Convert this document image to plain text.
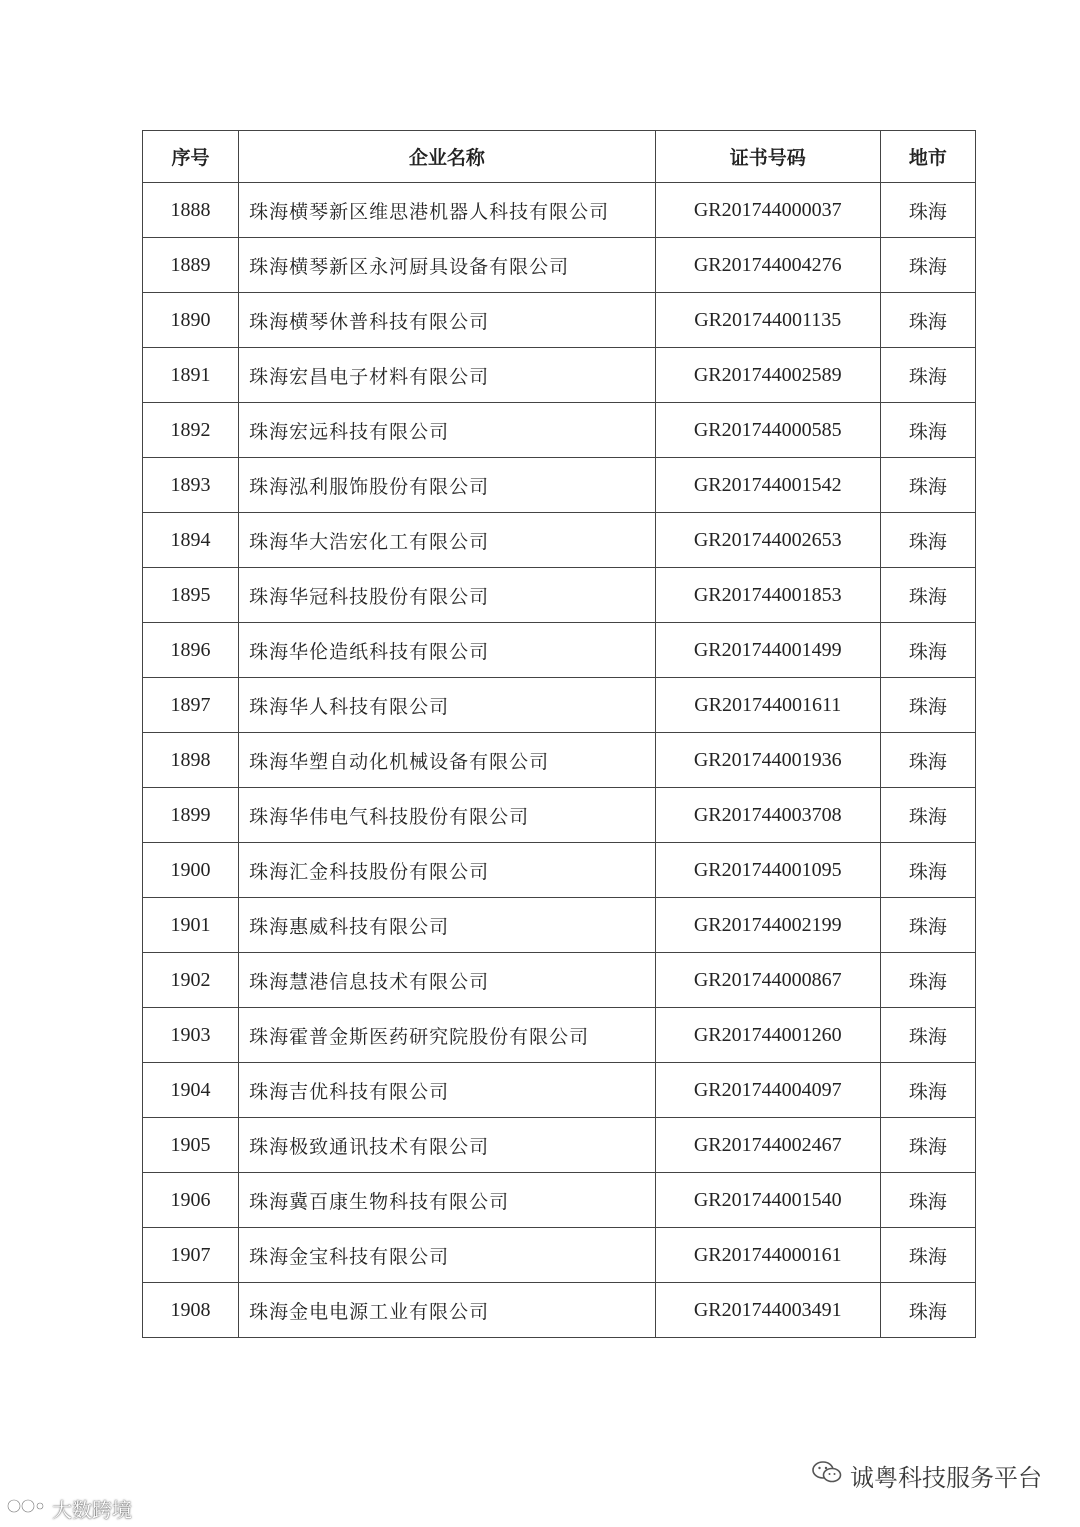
序号	企业名称	证书号码	地市
1888	珠海横琴新区维思港机器人科技有限公司	GR201744000037	珠海
1889	珠海横琴新区永河厨具设备有限公司	GR201744004276	珠海
1890	珠海横琴休普科技有限公司	GR201744001135	珠海
1891	珠海宏昌电子材料有限公司	GR201744002589	珠海
1892	珠海宏远科技有限公司	GR201744000585	珠海
1893	珠海泓利服饰股份有限公司	GR201744001542	珠海
1894	珠海华大浩宏化工有限公司	GR201744002653	珠海
1895	珠海华冠科技股份有限公司	GR201744001853	珠海
1896	珠海华伦造纸科技有限公司	GR201744001499	珠海
1897	珠海华人科技有限公司	GR201744001611	珠海
1898	珠海华塑自动化机械设备有限公司	GR201744001936	珠海
1899	珠海华伟电气科技股份有限公司	GR201744003708	珠海
1900	珠海汇金科技股份有限公司	GR201744001095	珠海
1901	珠海惠威科技有限公司	GR201744002199	珠海
1902	珠海慧港信息技术有限公司	GR201744000867	珠海
1903	珠海霍普金斯医药研究院股份有限公司	GR201744001260	珠海
1904	珠海吉优科技有限公司	GR201744004097	珠海
1905	珠海极致通讯技术有限公司	GR201744002467	珠海
1906	珠海冀百康生物科技有限公司	GR201744001540	珠海
1907	珠海金宝科技有限公司	GR201744000161	珠海
1908	珠海金电电源工业有限公司	GR201744003491	珠海
诚粤科技服务平台
大数跨境
